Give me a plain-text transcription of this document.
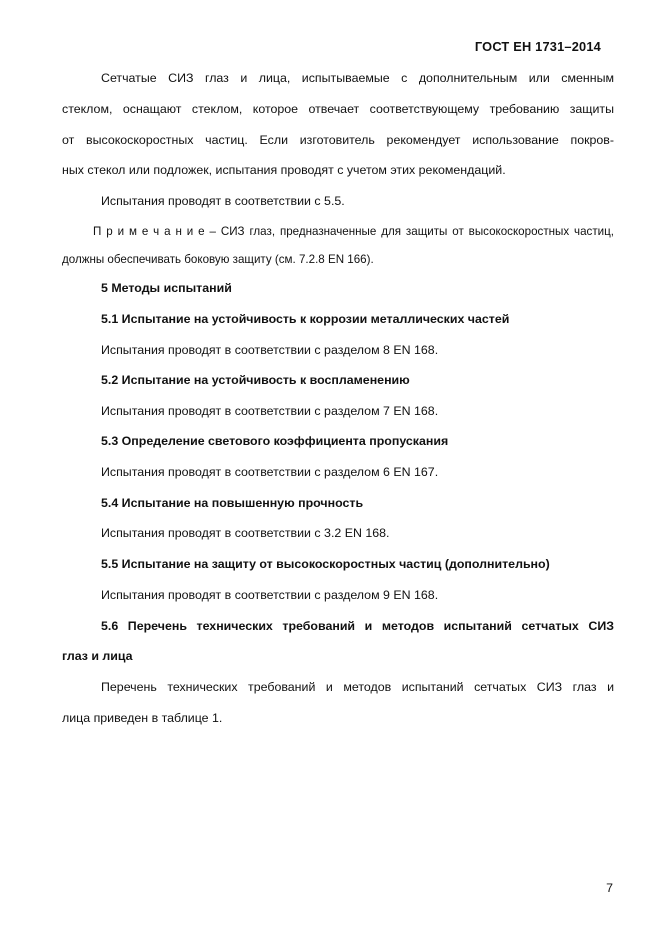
ГОСТ ЕН 1731–2014
Сетчатые СИЗ глаз и лица, испытываемые с дополнительным или сменным
стеклом, оснащают стеклом, которое отвечает соответствующему требованию защиты
от высокоскоростных частиц. Если изготовитель рекомендует использование покров-
ных стекол или подложек, испытания проводят с учетом этих рекомендаций.
Испытания проводят в соответствии с 5.5.
П р и м е ч а н и е – СИЗ глаз, предназначенные для защиты от высокоскоростных частиц,
должны обеспечивать боковую защиту (см. 7.2.8 EN 166).
5 Методы испытаний
5.1 Испытание на устойчивость к коррозии металлических частей
Испытания проводят в соответствии с разделом 8 EN 168.
5.2 Испытание на устойчивость к воспламенению
Испытания проводят в соответствии с разделом 7 EN 168.
5.3 Определение светового коэффициента пропускания
Испытания проводят в соответствии с разделом 6 EN 167.
5.4 Испытание на повышенную прочность
Испытания проводят в соответствии с 3.2 EN 168.
5.5 Испытание на защиту от высокоскоростных частиц (дополнительно)
Испытания проводят в соответствии с разделом 9 EN 168.
5.6 Перечень технических требований и методов испытаний сетчатых СИЗ
глаз и лица
Перечень технических требований и методов испытаний сетчатых СИЗ глаз и
лица приведен в таблице 1.
7
